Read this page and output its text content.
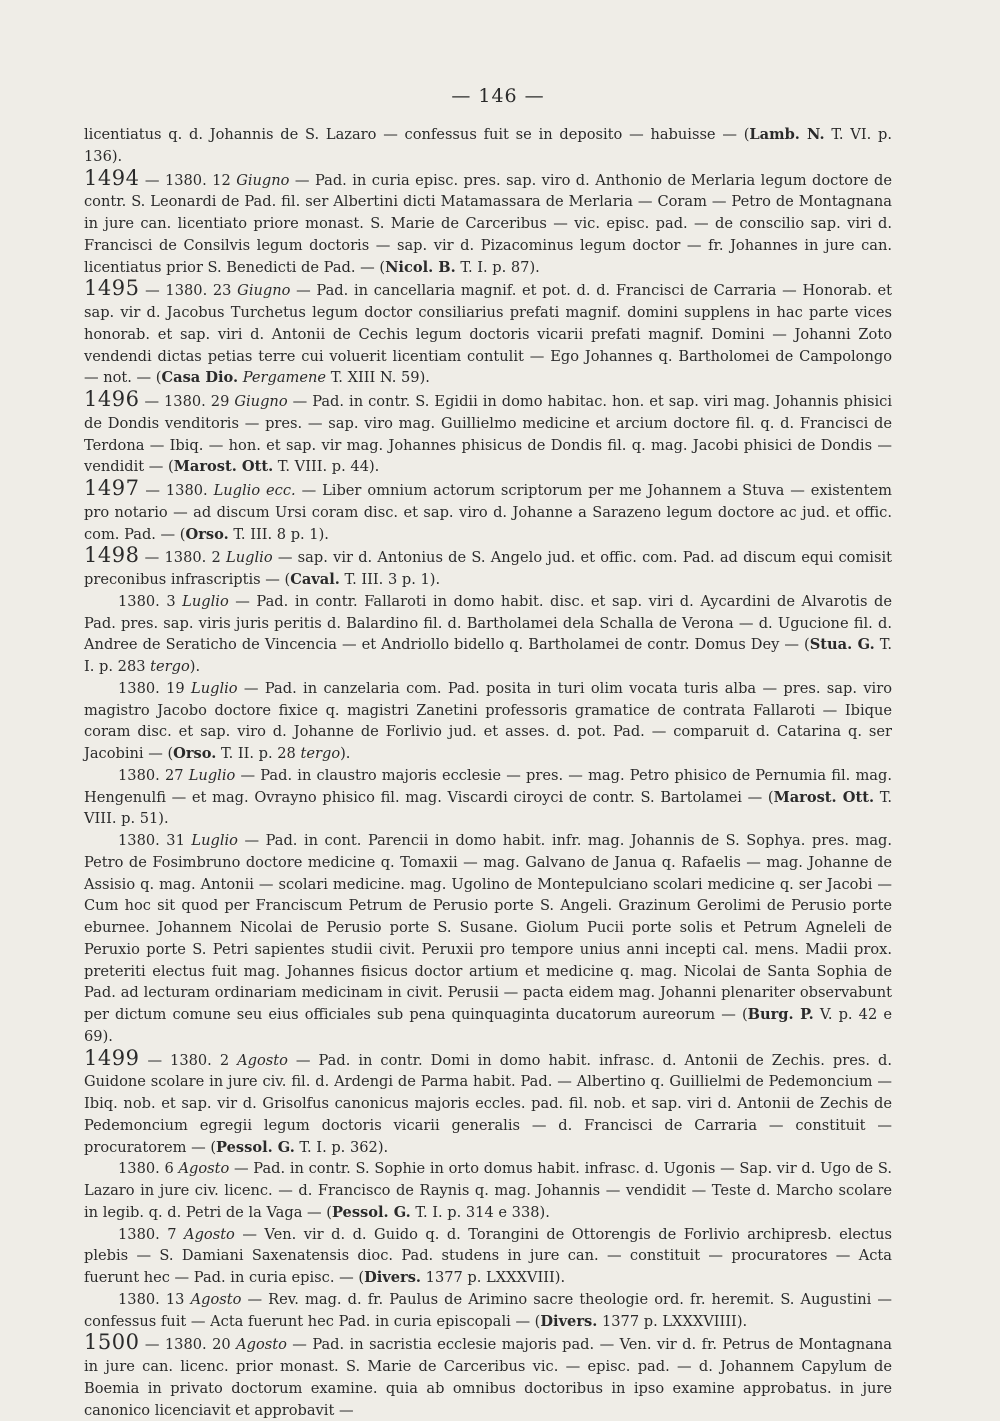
— 146 —

licentiatus q. d. Johannis de S. Lazaro — confessus fuit se in deposito — habuisse — (Lamb. N. T. VI. p. 136).

1494 — 1380. 12 Giugno — Pad. in curia episc. pres. sap. viro d. Anthonio de Merlaria legum doctore de contr. S. Leonardi de Pad. fil. ser Albertini dicti Matamassara de Merlaria — Coram — Petro de Montagnana in jure can. licentiato priore monast. S. Marie de Carceribus — vic. episc. pad. — de conscilio sap. viri d. Francisci de Consilvis legum doctoris — sap. vir d. Pizacominus legum doctor — fr. Johannes in jure can. licentiatus prior S. Benedicti de Pad. — (Nicol. B. T. I. p. 87).

1495 — 1380. 23 Giugno — Pad. in cancellaria magnif. et pot. d. d. Francisci de Carraria — Honorab. et sap. vir d. Jacobus Turchetus legum doctor consiliarius prefati magnif. domini supplens in hac parte vices honorab. et sap. viri d. Antonii de Cechis legum doctoris vicarii prefati magnif. Domini — Johanni Zoto vendendi dictas petias terre cui voluerit licentiam contulit — Ego Johannes q. Bartholomei de Campolongo — not. — (Casa Dio. Pergamene T. XIII N. 59).

1496 — 1380. 29 Giugno — Pad. in contr. S. Egidii in domo habitac. hon. et sap. viri mag. Johannis phisici de Dondis venditoris — pres. — sap. viro mag. Guillielmo medicine et arcium doctore fil. q. d. Francisci de Terdona — Ibiq. — hon. et sap. vir mag. Johannes phisicus de Dondis fil. q. mag. Jacobi phisici de Dondis — vendidit — (Marost. Ott. T. VIII. p. 44).

1497 — 1380. Luglio ecc. — Liber omnium actorum scriptorum per me Johannem a Stuva — existentem pro notario — ad discum Ursi coram disc. et sap. viro d. Johanne a Sarazeno legum doctore ac jud. et offic. com. Pad. — (Orso. T. III. 8 p. 1).

1498 — 1380. 2 Luglio — sap. vir d. Antonius de S. Angelo jud. et offic. com. Pad. ad discum equi comisit preconibus infrascriptis — (Caval. T. III. 3 p. 1).

1380. 3 Luglio — Pad. in contr. Fallaroti in domo habit. disc. et sap. viri d. Aycardini de Alvarotis de Pad. pres. sap. viris juris peritis d. Balardino fil. d. Bartholamei dela Schalla de Verona — d. Ugucione fil. d. Andree de Seraticho de Vincencia — et Andriollo bidello q. Bartholamei de contr. Domus Dey — (Stua. G. T. I. p. 283 tergo).

1380. 19 Luglio — Pad. in canzelaria com. Pad. posita in turi olim vocata turis alba — pres. sap. viro magistro Jacobo doctore fixice q. magistri Zanetini professoris gramatice de contrata Fallaroti — Ibique coram disc. et sap. viro d. Johanne de Forlivio jud. et asses. d. pot. Pad. — comparuit d. Catarina q. ser Jacobini — (Orso. T. II. p. 28 tergo).

1380. 27 Luglio — Pad. in claustro majoris ecclesie — pres. — mag. Petro phisico de Pernumia fil. mag. Hengenulfi — et mag. Ovrayno phisico fil. mag. Viscardi ciroyci de contr. S. Bartolamei — (Marost. Ott. T. VIII. p. 51).

1380. 31 Luglio — Pad. in cont. Parencii in domo habit. infr. mag. Johannis de S. Sophya. pres. mag. Petro de Fosimbruno doctore medicine q. Tomaxii — mag. Galvano de Janua q. Rafaelis — mag. Johanne de Assisio q. mag. Antonii — scolari medicine. mag. Ugolino de Montepulciano scolari medicine q. ser Jacobi — Cum hoc sit quod per Franciscum Petrum de Perusio porte S. Angeli. Grazinum Gerolimi de Perusio porte eburnee. Johannem Nicolai de Perusio porte S. Susane. Giolum Pucii porte solis et Petrum Agneleli de Peruxio porte S. Petri sapientes studii civit. Peruxii pro tempore unius anni incepti cal. mens. Madii prox. preteriti electus fuit mag. Johannes fisicus doctor artium et medicine q. mag. Nicolai de Santa Sophia de Pad. ad lecturam ordinariam medicinam in civit. Perusii — pacta eidem mag. Johanni plenariter observabunt per dictum comune seu eius officiales sub pena quinquaginta ducatorum aureorum — (Burg. P. V. p. 42 e 69).

1499 — 1380. 2 Agosto — Pad. in contr. Domi in domo habit. infrasc. d. Antonii de Zechis. pres. d. Guidone scolare in jure civ. fil. d. Ardengi de Parma habit. Pad. — Albertino q. Guillielmi de Pedemoncium — Ibiq. nob. et sap. vir d. Grisolfus canonicus majoris eccles. pad. fil. nob. et sap. viri d. Antonii de Zechis de Pedemoncium egregii legum doctoris vicarii generalis — d. Francisci de Carraria — constituit — procuratorem — (Pessol. G. T. I. p. 362).

1380. 6 Agosto — Pad. in contr. S. Sophie in orto domus habit. infrasc. d. Ugonis — Sap. vir d. Ugo de S. Lazaro in jure civ. licenc. — d. Francisco de Raynis q. mag. Johannis — vendidit — Teste d. Marcho scolare in legib. q. d. Petri de la Vaga — (Pessol. G. T. I. p. 314 e 338).

1380. 7 Agosto — Ven. vir d. d. Guido q. d. Torangini de Ottorengis de Forlivio archipresb. electus plebis — S. Damiani Saxenatensis dioc. Pad. studens in jure can. — constituit — procuratores — Acta fuerunt hec — Pad. in curia episc. — (Divers. 1377 p. LXXXVIII).

1380. 13 Agosto — Rev. mag. d. fr. Paulus de Arimino sacre theologie ord. fr. heremit. S. Augustini — confessus fuit — Acta fuerunt hec Pad. in curia episcopali — (Divers. 1377 p. LXXXVIIII).

1500 — 1380. 20 Agosto — Pad. in sacristia ecclesie majoris pad. — Ven. vir d. fr. Petrus de Montagnana in jure can. licenc. prior monast. S. Marie de Carceribus vic. — episc. pad. — d. Johannem Capylum de Boemia in privato doctorum examine. quia ab omnibus doctoribus in ipso examine approbatus. in jure canonico licenciavit et approbavit —
